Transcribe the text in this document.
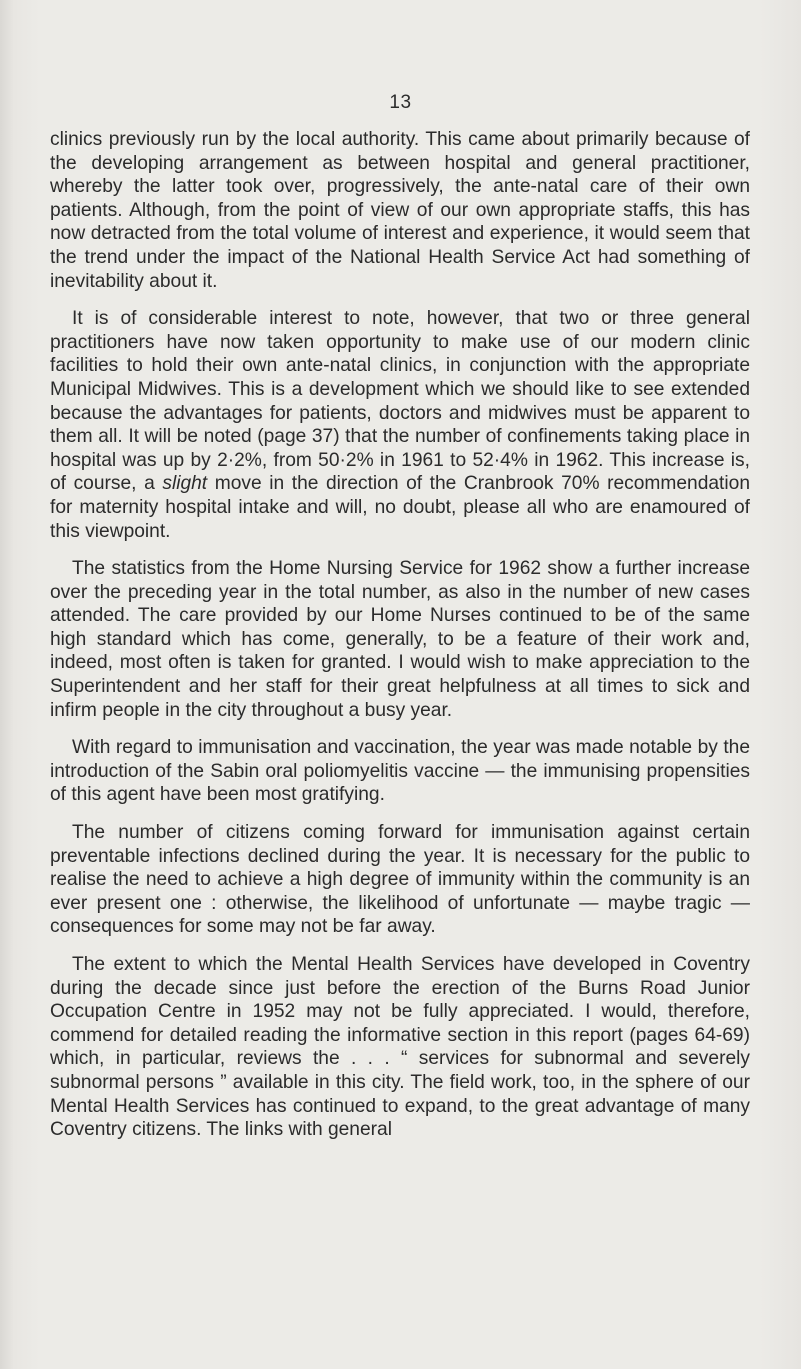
13

clinics previously run by the local authority. This came about primarily because of the developing arrangement as between hospital and general practitioner, whereby the latter took over, progressively, the ante-natal care of their own patients. Although, from the point of view of our own appropriate staffs, this has now detracted from the total volume of interest and experience, it would seem that the trend under the impact of the National Health Service Act had something of inevitability about it.

It is of considerable interest to note, however, that two or three general practitioners have now taken opportunity to make use of our modern clinic facilities to hold their own ante-natal clinics, in conjunction with the appropriate Municipal Midwives. This is a development which we should like to see extended because the advantages for patients, doctors and midwives must be apparent to them all. It will be noted (page 37) that the number of confinements taking place in hospital was up by 2·2%, from 50·2% in 1961 to 52·4% in 1962. This increase is, of course, a slight move in the direction of the Cranbrook 70% recommendation for maternity hospital intake and will, no doubt, please all who are enamoured of this viewpoint.

The statistics from the Home Nursing Service for 1962 show a further increase over the preceding year in the total number, as also in the number of new cases attended. The care provided by our Home Nurses continued to be of the same high standard which has come, generally, to be a feature of their work and, indeed, most often is taken for granted. I would wish to make appreciation to the Superintendent and her staff for their great helpfulness at all times to sick and infirm people in the city throughout a busy year.

With regard to immunisation and vaccination, the year was made notable by the introduction of the Sabin oral poliomyelitis vaccine — the immunising propensities of this agent have been most gratifying.

The number of citizens coming forward for immunisation against certain preventable infections declined during the year. It is necessary for the public to realise the need to achieve a high degree of immunity within the community is an ever present one : otherwise, the likelihood of unfortunate — maybe tragic — consequences for some may not be far away.

The extent to which the Mental Health Services have developed in Coventry during the decade since just before the erection of the Burns Road Junior Occupation Centre in 1952 may not be fully appreciated. I would, therefore, commend for detailed reading the informative section in this report (pages 64-69) which, in particular, reviews the . . . “ services for subnormal and severely subnormal persons ” available in this city. The field work, too, in the sphere of our Mental Health Services has continued to expand, to the great advantage of many Coventry citizens. The links with general
